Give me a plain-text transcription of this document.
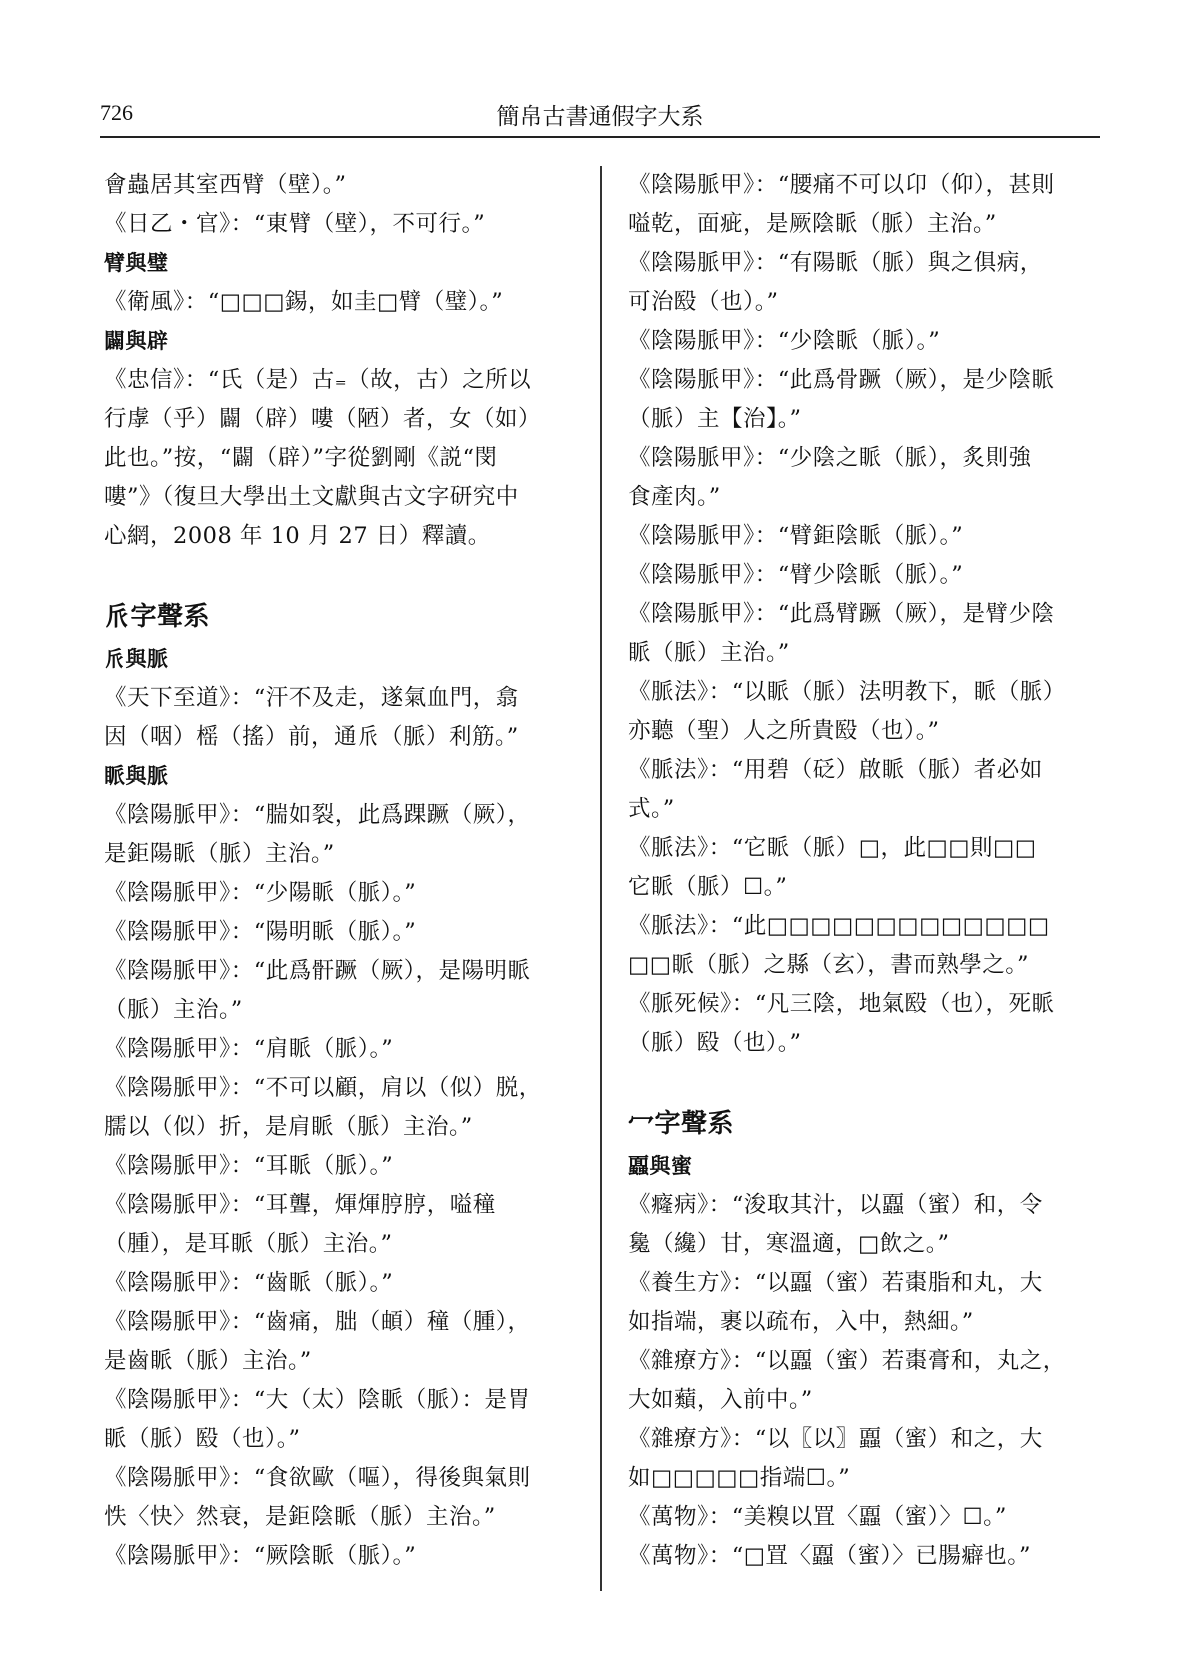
726	簡帛古書通假字大系
會蟲居其室西臂（壁）。”
《日乙・官》：“東臂（壁），不可行。”
臂與璧
《衛風》：“□□□錫，如圭□臂（璧）。”
闢與辟
《忠信》：“氏（是）古₌（故，古）之所以
行虖（乎）闢（辟）嘍（陋）者，女（如）
此也。”按，“闢（辟）”字從劉剛《説“閔
嘍”》（復旦大學出土文獻與古文字研究中
心網，2008 年 10 月 27 日）釋讀。
𠂢字聲系
𠂢與脈
《天下至道》：“汗不及走，遂氣血門，翕
因（咽）榣（搖）前，通𠂢（脈）利筋。”
眽與脈
《陰陽脈甲》：“腨如裂，此爲踝蹶（厥），
是鉅陽眽（脈）主治。”
《陰陽脈甲》：“少陽眽（脈）。”
《陰陽脈甲》：“陽明眽（脈）。”
《陰陽脈甲》：“此爲骭蹶（厥），是陽明眽
（脈）主治。”
《陰陽脈甲》：“肩眽（脈）。”
《陰陽脈甲》：“不可以顧，肩以（似）脱，
臑以（似）折，是肩眽（脈）主治。”
《陰陽脈甲》：“耳眽（脈）。”
《陰陽脈甲》：“耳聾，煇煇脝脝，嗌穜
（腫），是耳眽（脈）主治。”
《陰陽脈甲》：“齒眽（脈）。”
《陰陽脈甲》：“齒痛，朏（頔）穜（腫），
是齒眽（脈）主治。”
《陰陽脈甲》：“大（太）陰眽（脈）：是胃
眽（脈）殹（也）。”
《陰陽脈甲》：“食欲歐（嘔），得後與氣則
怢〈快〉然衰，是鉅陰眽（脈）主治。”
《陰陽脈甲》：“厥陰眽（脈）。”
《陰陽脈甲》：“腰痛不可以卬（仰），甚則
嗌乾，面疵，是厥陰眽（脈）主治。”
《陰陽脈甲》：“有陽眽（脈）與之俱病，
可治殹（也）。”
《陰陽脈甲》：“少陰眽（脈）。”
《陰陽脈甲》：“此爲骨蹶（厥），是少陰眽
（脈）主【治】。”
《陰陽脈甲》：“少陰之眽（脈），炙則強
食產肉。”
《陰陽脈甲》：“臂鉅陰眽（脈）。”
《陰陽脈甲》：“臂少陰眽（脈）。”
《陰陽脈甲》：“此爲臂蹶（厥），是臂少陰
眽（脈）主治。”
《脈法》：“以眽（脈）法明教下，眽（脈）
亦聽（聖）人之所貴殹（也）。”
《脈法》：“用碧（砭）啟眽（脈）者必如
式。”
《脈法》：“它眽（脈）□，此□□則□□
它眽（脈）☐。”
《脈法》：“此□□□□□□□□□□□□□
□□眽（脈）之縣（玄），書而熟學之。”
《脈死候》：“凡三陰，地氣殹（也），死眽
（脈）殹（也）。”
冖字聲系
蠠與蜜
《癃病》：“浚取其汁，以蠠（蜜）和，令
毚（纔）甘，寒溫適，□飲之。”
《養生方》：“以蠠（蜜）若棗脂和丸，大
如指端，裹以疏布，入中，熱細。”
《雜療方》：“以蠠（蜜）若棗膏和，丸之，
大如蘱，入前中。”
《雜療方》：“以〖以〗蠠（蜜）和之，大
如□□□□□指端☐。”
《萬物》：“美糗以罝〈蠠（蜜）〉☐。”
《萬物》：“□罝〈蠠（蜜）〉已腸癖也。”
